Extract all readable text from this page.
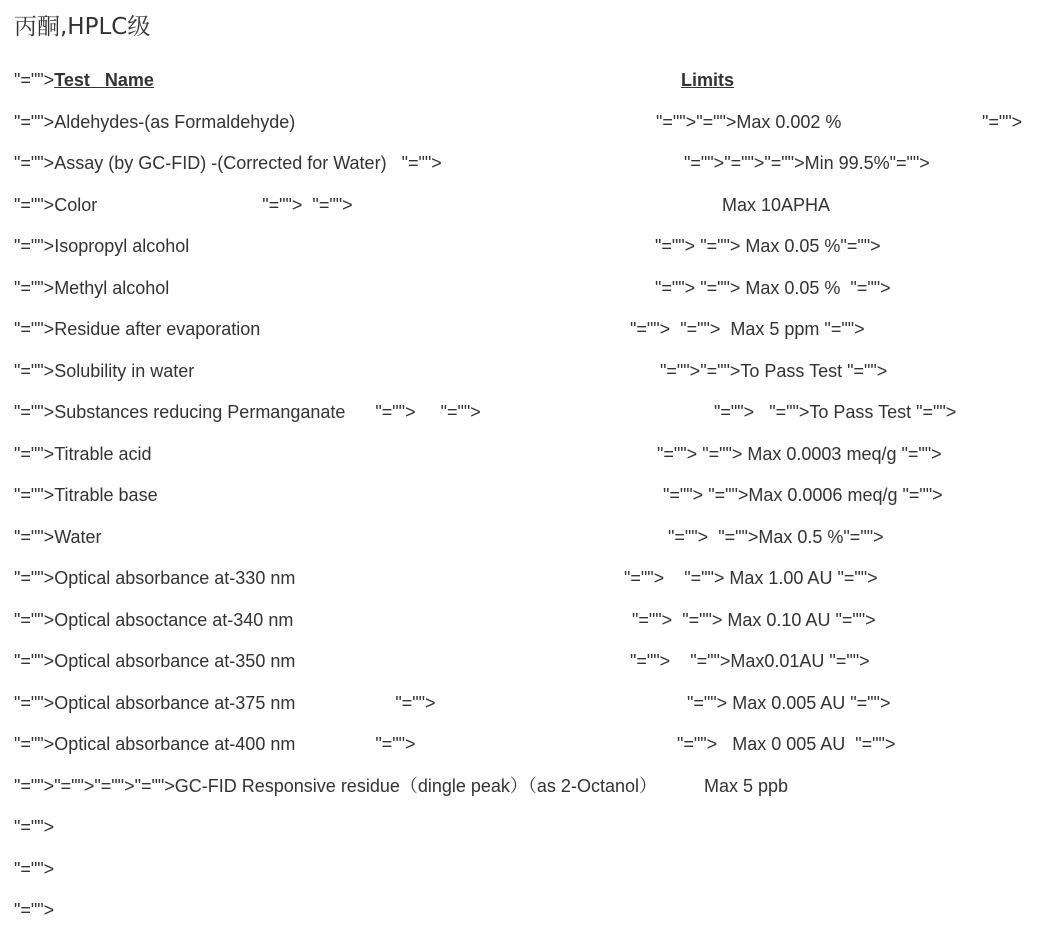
丙酮,HPLC级
"="">Test   Name	Limits
"="">Aldehydes-(as Formaldehyde)	"="">"="">Max 0.002 %	"="">
"="">Assay (by GC-FID) -(Corrected for Water)   "="">	"="">"="">"="">Min 99.5%"="">
"="">Color                                 "="">  "="">	Max 10APHA
"="">Isopropyl alcohol	"=""> "=""> Max 0.05 %"="">
"="">Methyl alcohol	"=""> "=""> Max 0.05 %  "="">
"="">Residue after evaporation	"="">  "="">  Max 5 ppm "="">
"="">Solubility in water	"="">"="">To Pass Test "="">
"="">Substances reducing Permanganate      "="">     "="">	"="">   "="">To Pass Test "="">
"="">Titrable acid	"=""> "=""> Max 0.0003 meq/g "="">
"="">Titrable base	"=""> "="">Max 0.0006 meq/g "="">
"="">Water	"="">  "="">Max 0.5 %"="">
"="">Optical absorbance at-330 nm	"="">    "=""> Max 1.00 AU "="">
"="">Optical absoctance at-340 nm	"="">  "=""> Max 0.10 AU "="">
"="">Optical absorbance at-350 nm	"="">    "="">Max0.01AU "="">
"="">Optical absorbance at-375 nm                    "="">	"=""> Max 0.005 AU "="">
"="">Optical absorbance at-400 nm                "="">	"="">   Max 0 005 AU  "="">
"="">"="">"="">"="">GC-FID Responsive residue（dingle peak）（as 2-Octanol）	Max 5 ppb
"="">
"="">
"="">
